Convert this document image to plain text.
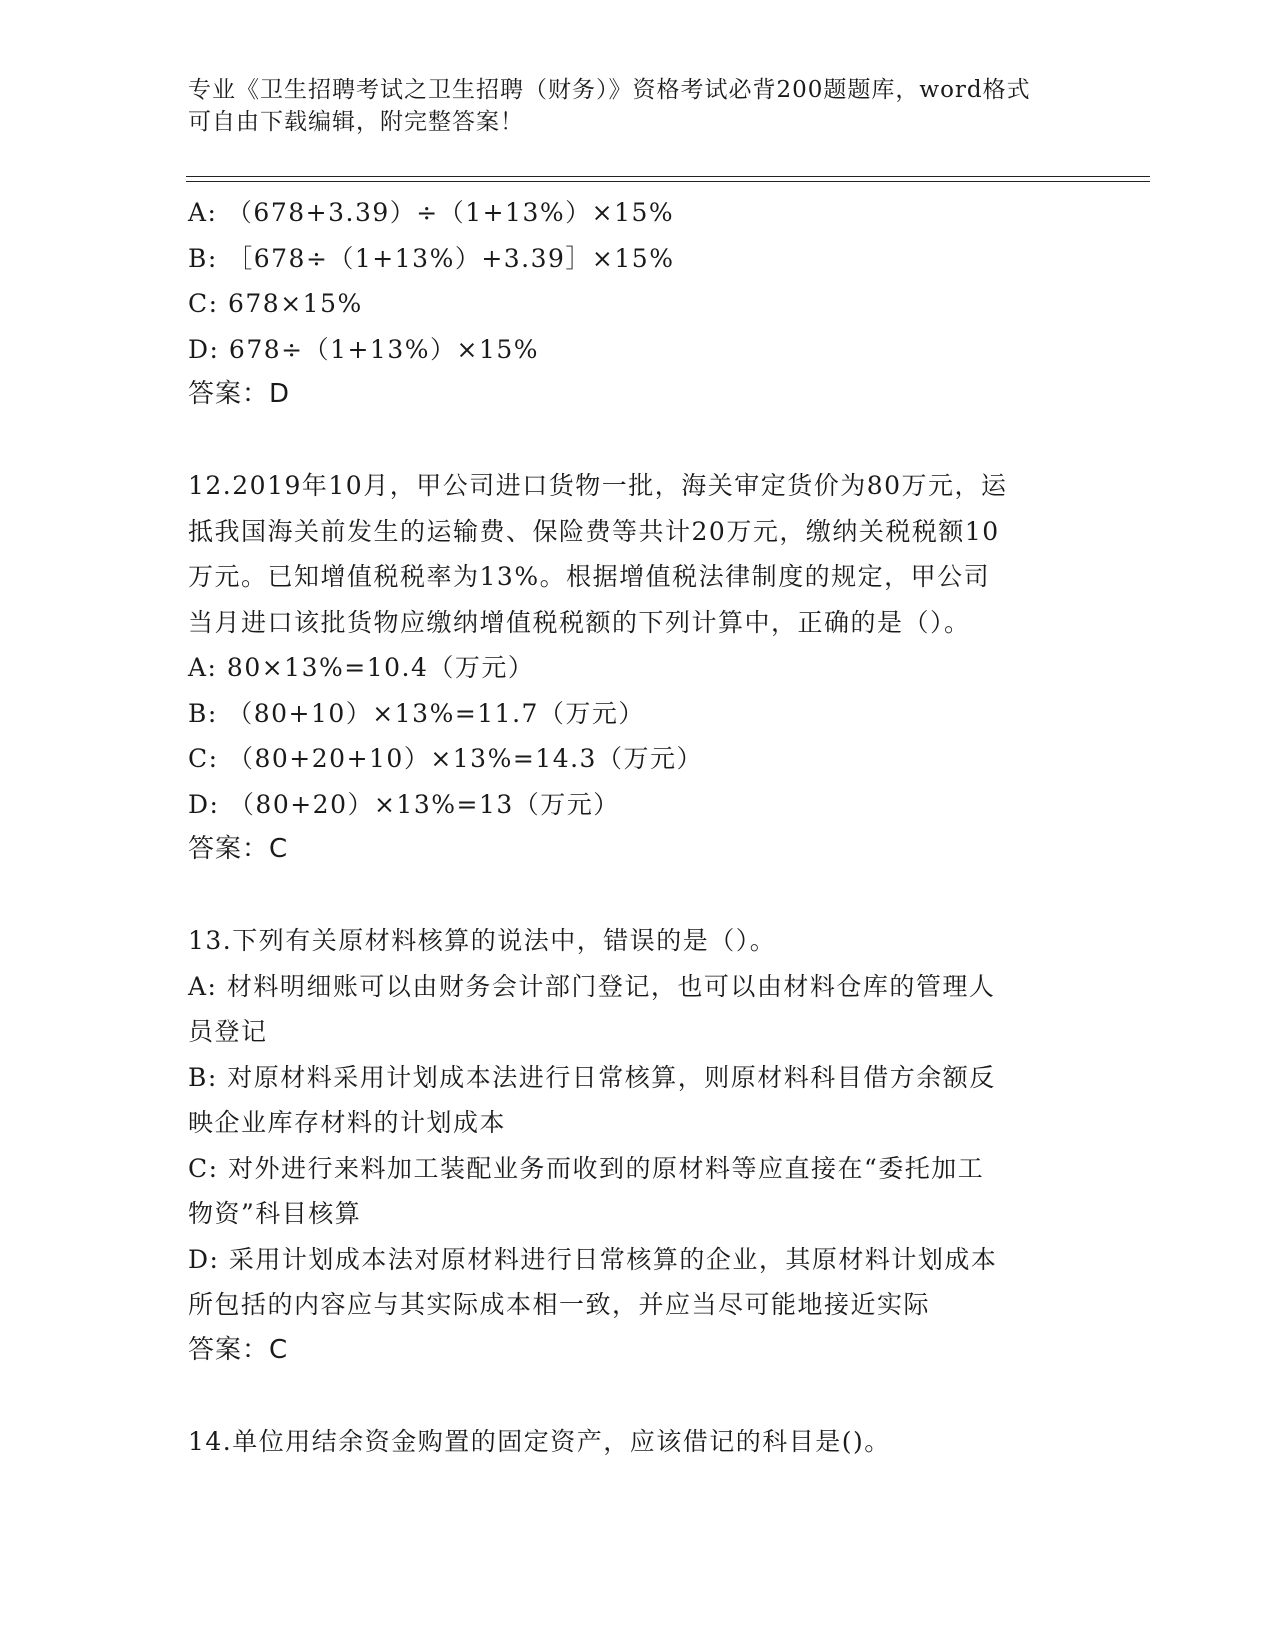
专业《卫生招聘考试之卫生招聘（财务）》资格考试必背200题题库，word格式
可自由下载编辑，附完整答案！
A: （678+3.39）÷（1+13%）×15%
B: ［678÷（1+13%）+3.39］×15%
C: 678×15%
D: 678÷（1+13%）×15%
答案：D
12.2019年10月，甲公司进口货物一批，海关审定货价为80万元，运
抵我国海关前发生的运输费、保险费等共计20万元，缴纳关税税额10
万元。已知增值税税率为13%。根据增值税法律制度的规定，甲公司
当月进口该批货物应缴纳增值税税额的下列计算中，正确的是（）。
A: 80×13%=10.4（万元）
B: （80+10）×13%=11.7（万元）
C: （80+20+10）×13%=14.3（万元）
D: （80+20）×13%=13（万元）
答案：C
13.下列有关原材料核算的说法中，错误的是（）。
A: 材料明细账可以由财务会计部门登记，也可以由材料仓库的管理人
员登记
B: 对原材料采用计划成本法进行日常核算，则原材料科目借方余额反
映企业库存材料的计划成本
C: 对外进行来料加工装配业务而收到的原材料等应直接在“委托加工
物资”科目核算
D: 采用计划成本法对原材料进行日常核算的企业，其原材料计划成本
所包括的内容应与其实际成本相一致，并应当尽可能地接近实际
答案：C
14.单位用结余资金购置的固定资产，应该借记的科目是()。
